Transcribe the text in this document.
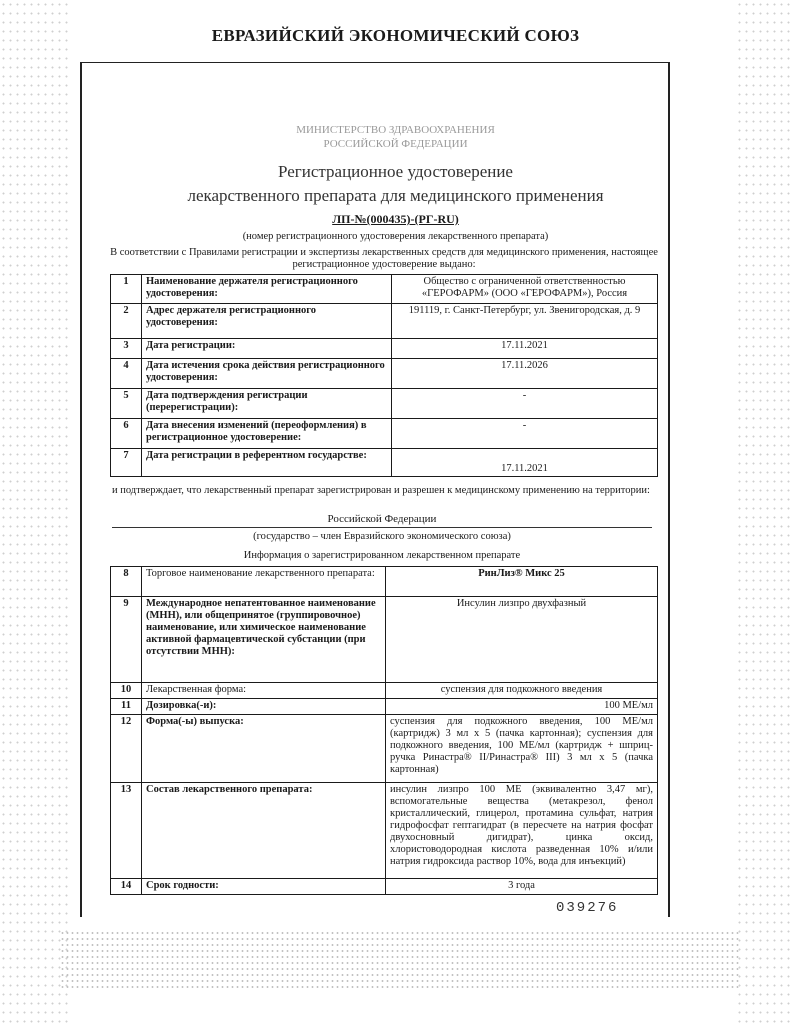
ЕВРАЗИЙСКИЙ ЭКОНОМИЧЕСКИЙ СОЮЗ
МИНИСТЕРСТВО ЗДРАВООХРАНЕНИЯ
РОССИЙСКОЙ ФЕДЕРАЦИИ
Регистрационное удостоверение
лекарственного препарата для медицинского применения
ЛП-№(000435)-(РГ-RU)
(номер регистрационного удостоверения лекарственного препарата)
В соответствии с Правилами регистрации и экспертизы лекарственных средств для медицинского применения, настоящее регистрационное удостоверение выдано:
1	Наименование держателя регистрационного удостоверения:	Общество с ограниченной ответственностью «ГЕРОФАРМ» (ООО «ГЕРОФАРМ»), Россия
2	Адрес держателя регистрационного удостоверения:	191119, г. Санкт-Петербург, ул. Звенигородская, д. 9
3	Дата регистрации:	17.11.2021
4	Дата истечения срока действия регистрационного удостоверения:	17.11.2026
5	Дата подтверждения регистрации (перерегистрации):	-
6	Дата внесения изменений (переоформления) в регистрационное удостоверение:	-
7	Дата регистрации в референтном государстве:	17.11.2021
и подтверждает, что лекарственный препарат зарегистрирован и разрешен к медицинскому применению на территории:
Российской Федерации
(государство – член Евразийского экономического союза)
Информация о зарегистрированном лекарственном препарате
8	Торговое наименование лекарственного препарата:	РинЛиз® Микс 25
9	Международное непатентованное наименование (МНН), или общепринятое (группировочное) наименование, или химическое наименование активной фармацевтической субстанции (при отсутствии МНН):	Инсулин лизпро двухфазный
10	Лекарственная форма:	суспензия для подкожного введения
11	Дозировка(-и):	100 МЕ/мл
12	Форма(-ы) выпуска:	суспензия для подкожного введения, 100 МЕ/мл (картридж) 3 мл х 5 (пачка картонная); суспензия для подкожного введения, 100 МЕ/мл (картридж + шприц-ручка Ринастра® II/Ринастра® III) 3 мл х 5 (пачка картонная)
13	Состав лекарственного препарата:	инсулин лизпро 100 МЕ (эквивалентно 3,47 мг), вспомогательные вещества (метакрезол, фенол кристаллический, глицерол, протамина сульфат, натрия гидрофосфат гептагидрат (в пересчете на натрия фосфат двухосновный дигидрат), цинка оксид, хлористоводородная кислота разведенная 10% и/или натрия гидроксида раствор 10%, вода для инъекций)
14	Срок годности:	3 года
039276
